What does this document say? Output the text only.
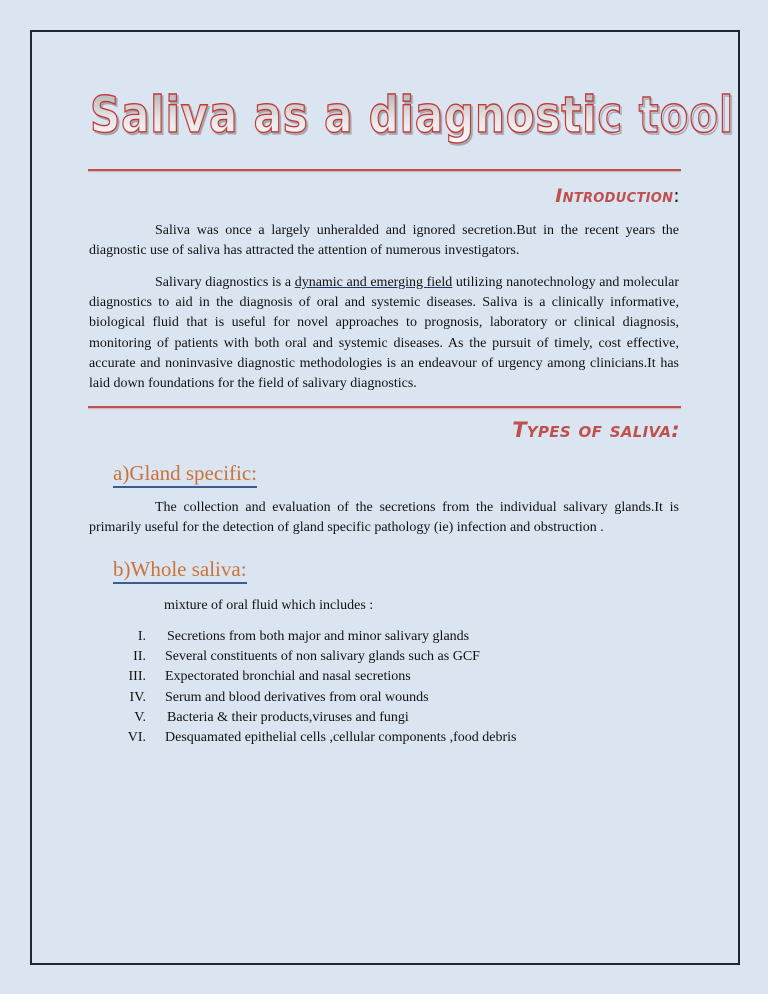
Saliva as a diagnostic tool
Introduction:

Saliva was once a largely unheralded and ignored secretion.But in the recent years the diagnostic use of saliva has attracted the attention of numerous investigators.

Salivary diagnostics is a dynamic and emerging field utilizing nanotechnology and molecular diagnostics to aid in the diagnosis of oral and systemic diseases. Saliva is a clinically informative, biological fluid that is useful for novel approaches to prognosis, laboratory or clinical diagnosis, monitoring of patients with both oral and systemic diseases. As the pursuit of timely, cost effective, accurate and noninvasive diagnostic methodologies is an endeavour of urgency among clinicians.It has laid down foundations for the field of salivary diagnostics.

Types of saliva:
a)Gland specific:

The collection and evaluation of the secretions from the individual salivary glands.It is primarily useful for the detection of gland specific pathology (ie) infection and obstruction .

b)Whole saliva:

mixture of oral fluid which includes :

I.	Secretions from both major and minor salivary glands
II.	Several constituents of non salivary glands such as GCF
III.	Expectorated bronchial and nasal secretions
IV.	Serum and blood derivatives from oral wounds
V.	Bacteria & their products,viruses and fungi
VI.	Desquamated epithelial cells ,cellular components ,food debris
